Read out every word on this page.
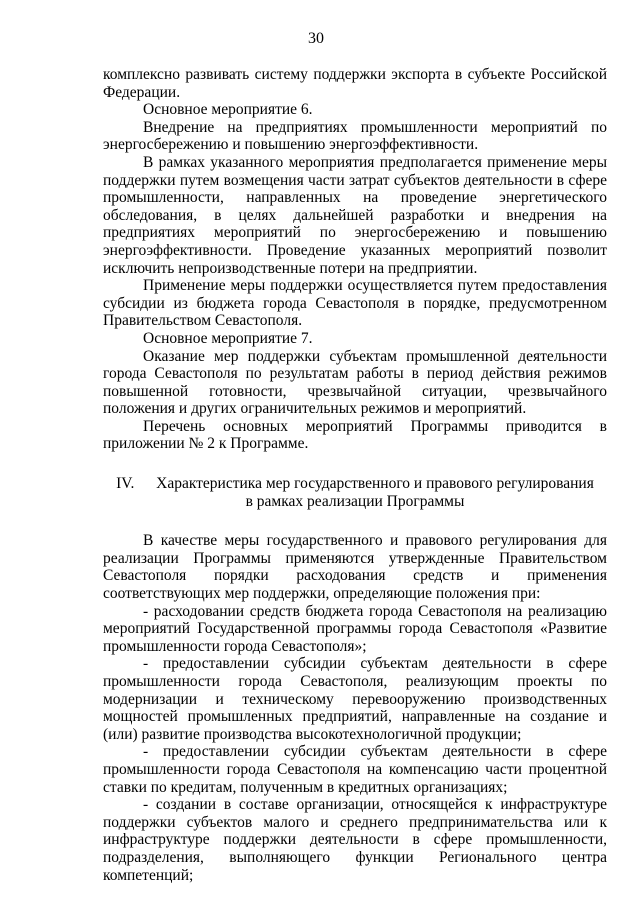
30

комплексно развивать систему поддержки экспорта в субъекте Российской Федерации.

Основное мероприятие 6.

Внедрение на предприятиях промышленности мероприятий по энергосбережению и повышению энергоэффективности.

В рамках указанного мероприятия предполагается применение меры поддержки путем возмещения части затрат субъектов деятельности в сфере промышленности, направленных на проведение энергетического обследования, в целях дальнейшей разработки и внедрения на предприятиях мероприятий по энергосбережению и повышению энергоэффективности. Проведение указанных мероприятий позволит исключить непроизводственные потери на предприятии.

Применение меры поддержки осуществляется путем предоставления субсидии из бюджета города Севастополя в порядке, предусмотренном Правительством Севастополя.

Основное мероприятие 7.

Оказание мер поддержки субъектам промышленной деятельности города Севастополя по результатам работы в период действия режимов повышенной готовности, чрезвычайной ситуации, чрезвычайного положения и других ограничительных режимов и мероприятий.

Перечень основных мероприятий Программы приводится в приложении № 2 к Программе.

IV. Характеристика мер государственного и правового регулирования
в рамках реализации Программы

В качестве меры государственного и правового регулирования для реализации Программы применяются утвержденные Правительством Севастополя порядки расходования средств и применения соответствующих мер поддержки, определяющие положения при:

- расходовании средств бюджета города Севастополя на реализацию мероприятий Государственной программы города Севастополя «Развитие промышленности города Севастополя»;

- предоставлении субсидии субъектам деятельности в сфере промышленности города Севастополя, реализующим проекты по модернизации и техническому перевооружению производственных мощностей промышленных предприятий, направленные на создание и (или) развитие производства высокотехнологичной продукции;

- предоставлении субсидии субъектам деятельности в сфере промышленности города Севастополя на компенсацию части процентной ставки по кредитам, полученным в кредитных организациях;

- создании в составе организации, относящейся к инфраструктуре поддержки субъектов малого и среднего предпринимательства или к инфраструктуре поддержки деятельности в сфере промышленности, подразделения, выполняющего функции Регионального центра компетенций;
